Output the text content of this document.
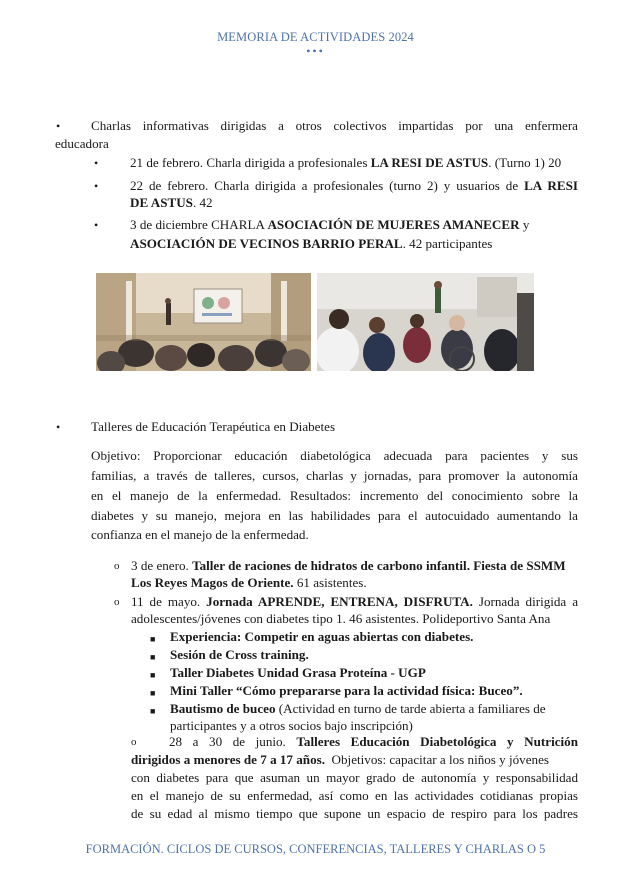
MEMORIA DE ACTIVIDADES 2024
•••
• Charlas informativas dirigidas a otros colectivos impartidas por una enfermera
educadora
• 21 de febrero. Charla dirigida a profesionales LA RESI DE ASTUS. (Turno 1) 20
• 22 de febrero. Charla dirigida a profesionales (turno 2) y usuarios de LA RESI
DE ASTUS. 42
• 3 de diciembre CHARLA ASOCIACIÓN DE MUJERES AMANECER y
ASOCIACIÓN DE VECINOS BARRIO PERAL. 42 participantes
• Talleres de Educación Terapéutica en Diabetes
Objetivo: Proporcionar educación diabetológica adecuada para pacientes y sus
familias, a través de talleres, cursos, charlas y jornadas, para promover la autonomía
en el manejo de la enfermedad. Resultados: incremento del conocimiento sobre la
diabetes y su manejo, mejora en las habilidades para el autocuidado aumentando la
confianza en el manejo de la enfermedad.
o 3 de enero. Taller de raciones de hidratos de carbono infantil. Fiesta de SSMM
Los Reyes Magos de Oriente. 61 asistentes.
o 11 de mayo. Jornada APRENDE, ENTRENA, DISFRUTA. Jornada dirigida a
adolescentes/jóvenes con diabetes tipo 1. 46 asistentes. Polideportivo Santa Ana
■ Experiencia: Competir en aguas abiertas con diabetes.
■ Sesión de Cross training.
■ Taller Diabetes Unidad Grasa Proteína - UGP
■ Mini Taller “Cómo prepararse para la actividad física: Buceo”.
■ Bautismo de buceo (Actividad en turno de tarde abierta a familiares de
participantes y a otros socios bajo inscripción)
o 28 a 30 de junio. Talleres Educación Diabetológica y Nutrición
dirigidos a menores de 7 a 17 años.  Objetivos: capacitar a los niños y jóvenes
con diabetes para que asuman un mayor grado de autonomía y responsabilidad
en el manejo de su enfermedad, así como en las actividades cotidianas propias
de su edad al mismo tiempo que supone un espacio de respiro para los padres
FORMACIÓN. CICLOS DE CURSOS, CONFERENCIAS, TALLERES Y CHARLAS O 5
